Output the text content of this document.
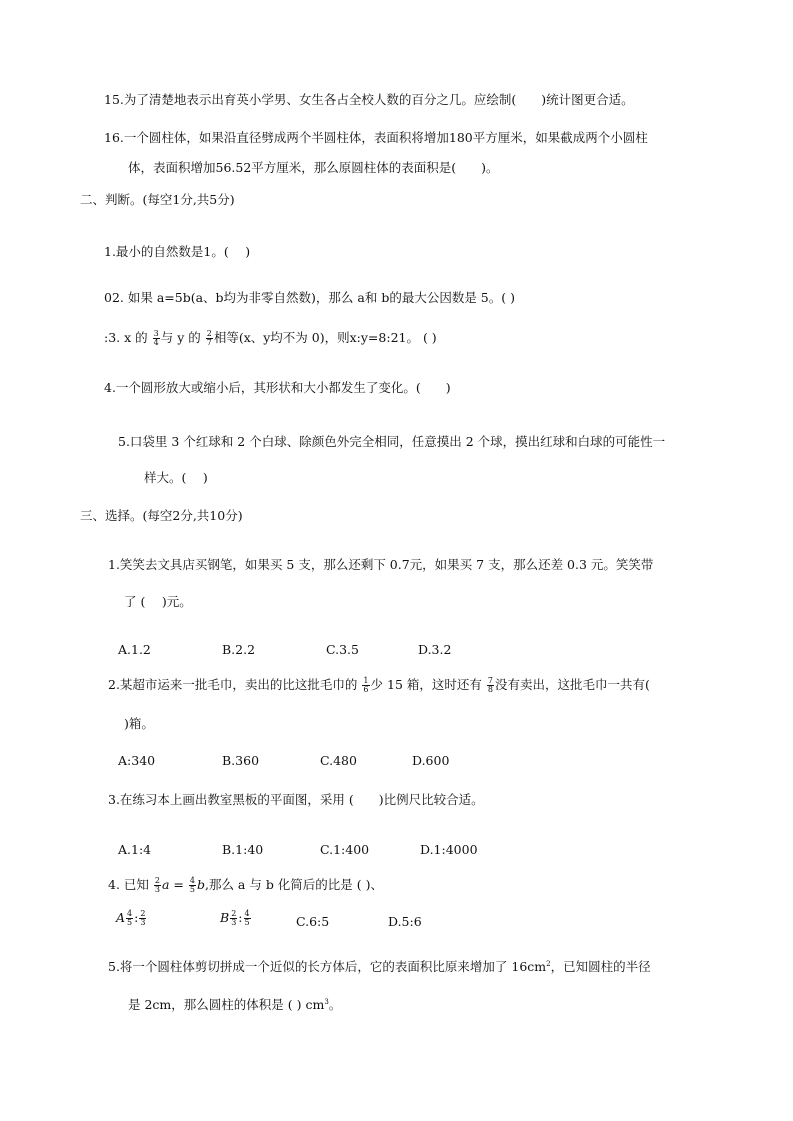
15.为了清楚地表示出育英小学男、女生各占全校人数的百分之几。应绘制(　　)统计图更合适。
16.一个圆柱体，如果沿直径劈成两个半圆柱体，表面积将增加180平方厘米，如果截成两个小圆柱
体，表面积增加56.52平方厘米，那么原圆柱体的表面积是(　　)。
二、判断。(每空1分,共5分)
1.最小的自然数是1。(　 )
02. 如果 a=5b(a、b均为非零自然数)，那么 a和 b的最大公因数是 5。( )
:3. x 的 $\frac{3}{4}$ 与 y 的 $\frac{2}{7}$ 相等(x、y均不为 0)，则x:y=8:21。 ( )
4.一个圆形放大或缩小后，其形状和大小都发生了变化。(　　)
5.口袋里 3 个红球和 2 个白球、除颜色外完全相同，任意摸出 2 个球，摸出红球和白球的可能性一
样大。(　 )
三、选择。(每空2分,共10分)
1.笑笑去文具店买钢笔，如果买 5 支，那么还剩下 0.7元，如果买 7 支，那么还差 0.3 元。笑笑带
了 (　 )元。
A.1.2	B.2.2	C.3.5	D.3.2
2.某超市运来一批毛巾，卖出的比这批毛巾的 $\frac{1}{6}$ 少 15 箱，这时还有 $\frac{7}{8}$ 没有卖出，这批毛巾一共有(
)箱。
A:340	B.360	C.480	D.600
3.在练习本上画出教室黑板的平面图，采用 (　　)比例尺比较合适。
A.1:4	B.1:40	C.1:400	D.1:4000
4. 已知 $\frac{2}{3}$ $a = \frac{4}{5} b$,那么 a 与 b 化简后的比是 ( )、
A $\frac{4}{5}$ : $\frac{2}{3}$	B $\frac{2}{3}$ : $\frac{4}{5}$	C.6:5	D.5:6
5.将一个圆柱体剪切拼成一个近似的长方体后，它的表面积比原来增加了 $16cm^2$，已知圆柱的半径
是 2cm，那么圆柱的体积是 ( ) $cm^3$。
